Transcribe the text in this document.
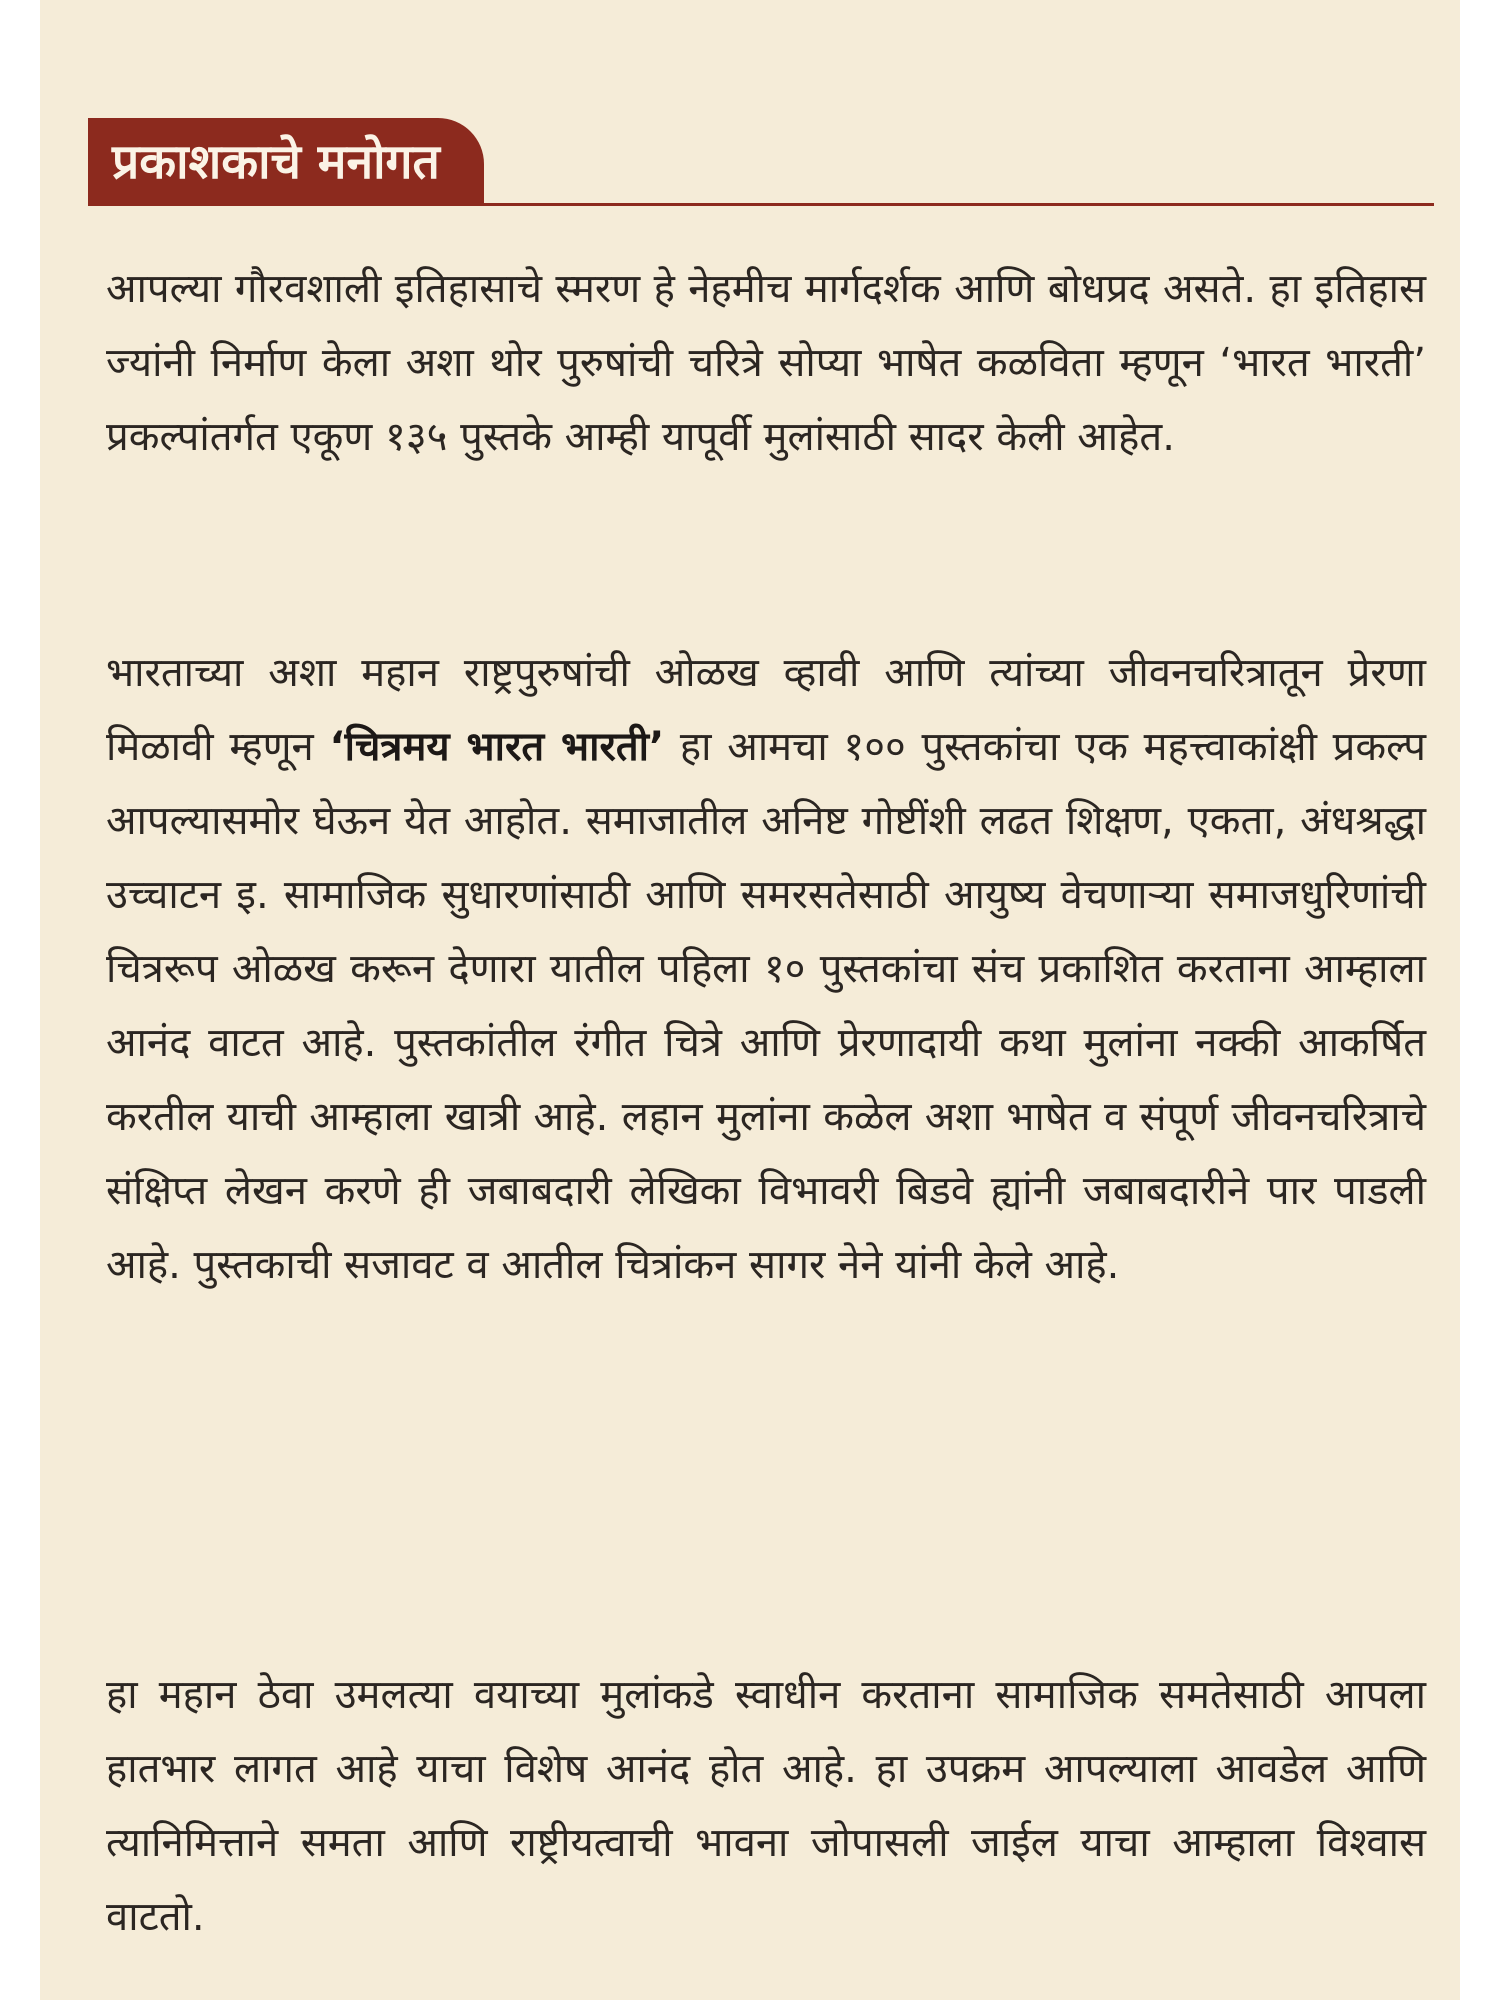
प्रकाशकाचे मनोगत

आपल्या गौरवशाली इतिहासाचे स्मरण हे नेहमीच मार्गदर्शक आणि बोधप्रद असते. हा इतिहास ज्यांनी निर्माण केला अशा थोर पुरुषांची चरित्रे सोप्या भाषेत कळविता म्हणून ‘भारत भारती’ प्रकल्पांतर्गत एकूण १३५ पुस्तके आम्ही यापूर्वी मुलांसाठी सादर केली आहेत.

भारताच्या अशा महान राष्ट्रपुरुषांची ओळख व्हावी आणि त्यांच्या जीवनचरित्रातून प्रेरणा मिळावी म्हणून ‘चित्रमय भारत भारती’ हा आमचा १०० पुस्तकांचा एक महत्त्वाकांक्षी प्रकल्प आपल्यासमोर घेऊन येत आहोत. समाजातील अनिष्ट गोष्टींशी लढत शिक्षण, एकता, अंधश्रद्धा उच्चाटन इ. सामाजिक सुधारणांसाठी आणि समरसतेसाठी आयुष्य वेचणाऱ्या समाजधुरिणांची चित्ररूप ओळख करून देणारा यातील पहिला १० पुस्तकांचा संच प्रकाशित करताना आम्हाला आनंद वाटत आहे. पुस्तकांतील रंगीत चित्रे आणि प्रेरणादायी कथा मुलांना नक्की आकर्षित करतील याची आम्हाला खात्री आहे. लहान मुलांना कळेल अशा भाषेत व संपूर्ण जीवनचरित्राचे संक्षिप्त लेखन करणे ही जबाबदारी लेखिका विभावरी बिडवे ह्यांनी जबाबदारीने पार पाडली आहे. पुस्तकाची सजावट व आतील चित्रांकन सागर नेने यांनी केले आहे.

हा महान ठेवा उमलत्या वयाच्या मुलांकडे स्वाधीन करताना सामाजिक समतेसाठी आपला हातभार लागत आहे याचा विशेष आनंद होत आहे. हा उपक्रम आपल्याला आवडेल आणि त्यानिमित्ताने समता आणि राष्ट्रीयत्वाची भावना जोपासली जाईल याचा आम्हाला विश्वास वाटतो.
